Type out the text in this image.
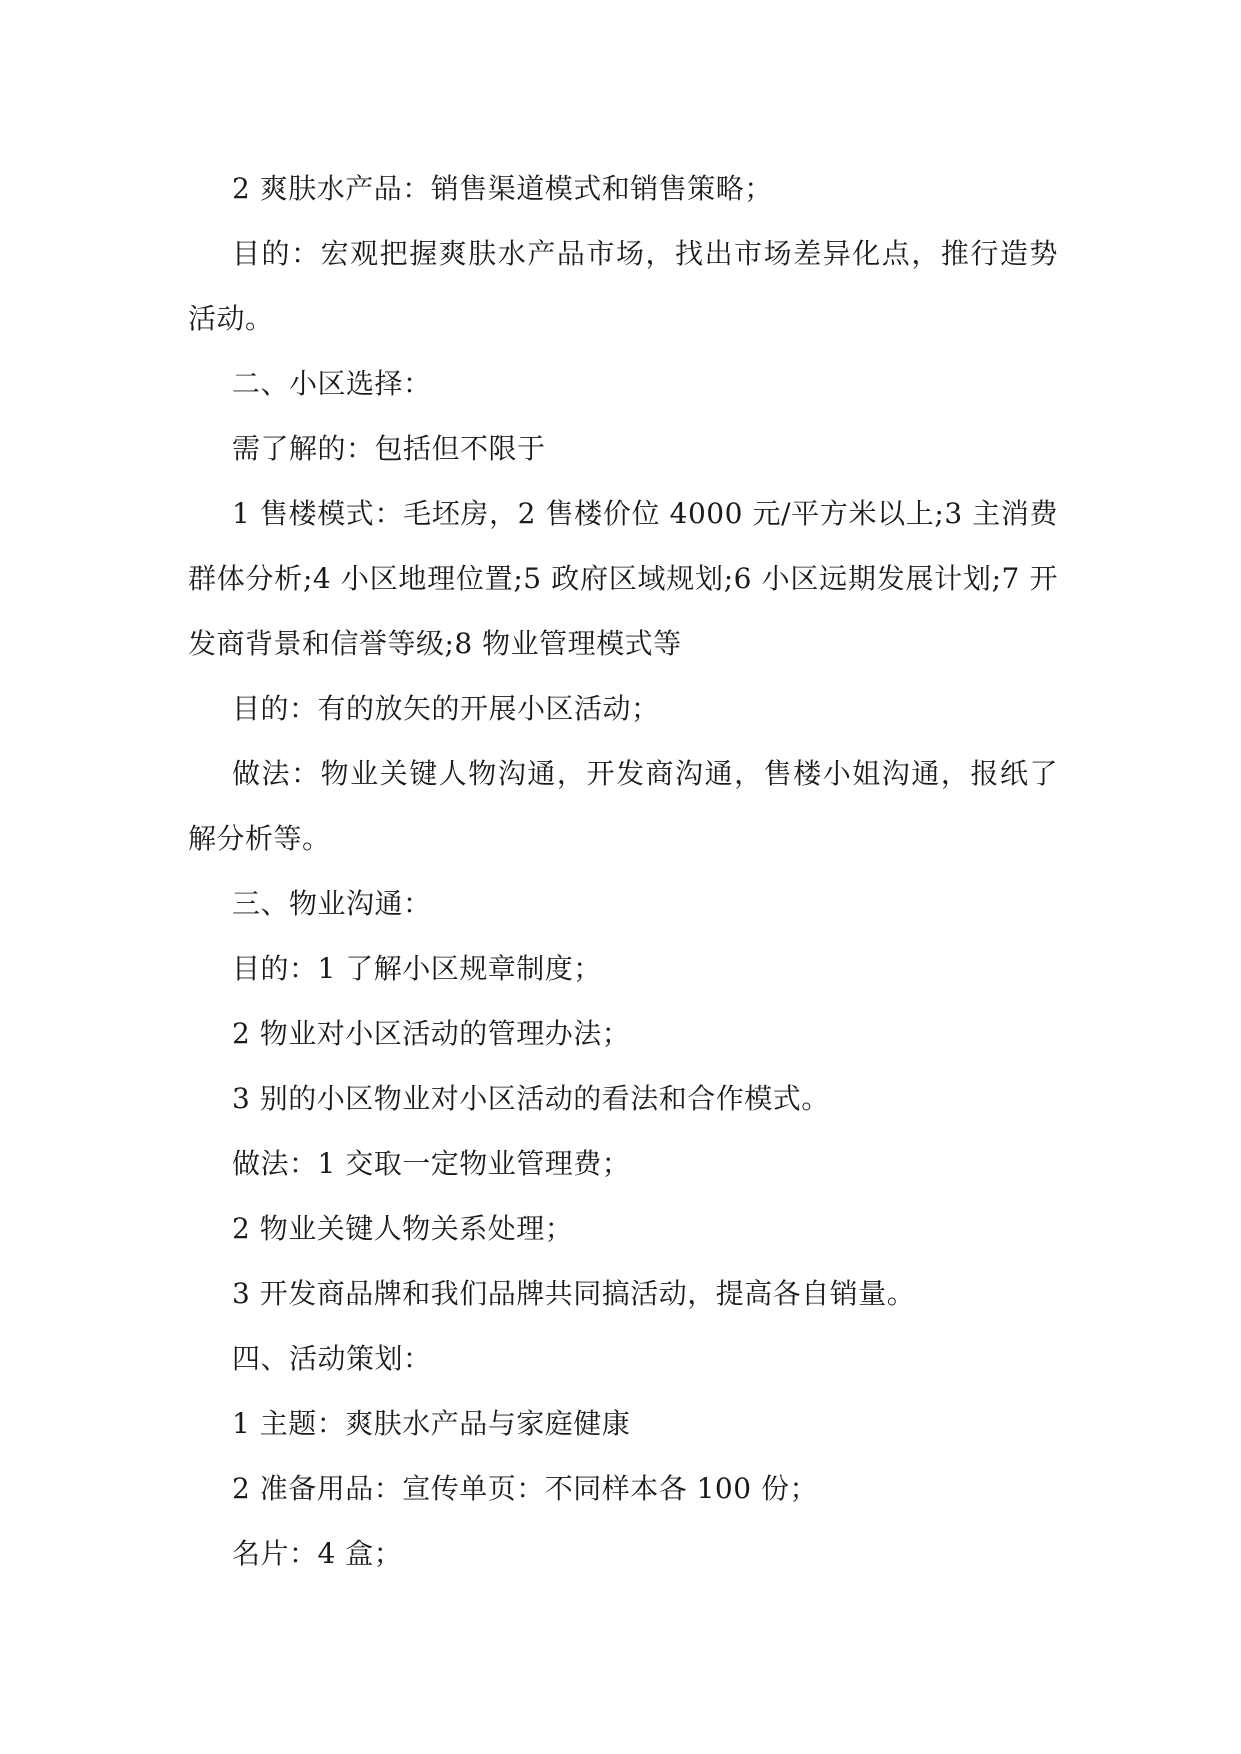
2 爽肤水产品：销售渠道模式和销售策略；

目的：宏观把握爽肤水产品市场，找出市场差异化点，推行造势活动。

二、小区选择：

需了解的：包括但不限于

1 售楼模式：毛坯房，2 售楼价位 4000 元/平方米以上;3 主消费群体分析;4 小区地理位置;5 政府区域规划;6 小区远期发展计划;7 开发商背景和信誉等级;8 物业管理模式等

目的：有的放矢的开展小区活动；

做法：物业关键人物沟通，开发商沟通，售楼小姐沟通，报纸了解分析等。

三、物业沟通：

目的：1 了解小区规章制度；

2 物业对小区活动的管理办法；

3 别的小区物业对小区活动的看法和合作模式。

做法：1 交取一定物业管理费；

2 物业关键人物关系处理；

3 开发商品牌和我们品牌共同搞活动，提高各自销量。

四、活动策划：

1 主题：爽肤水产品与家庭健康

2 准备用品：宣传单页：不同样本各 100 份；

名片：4 盒；
